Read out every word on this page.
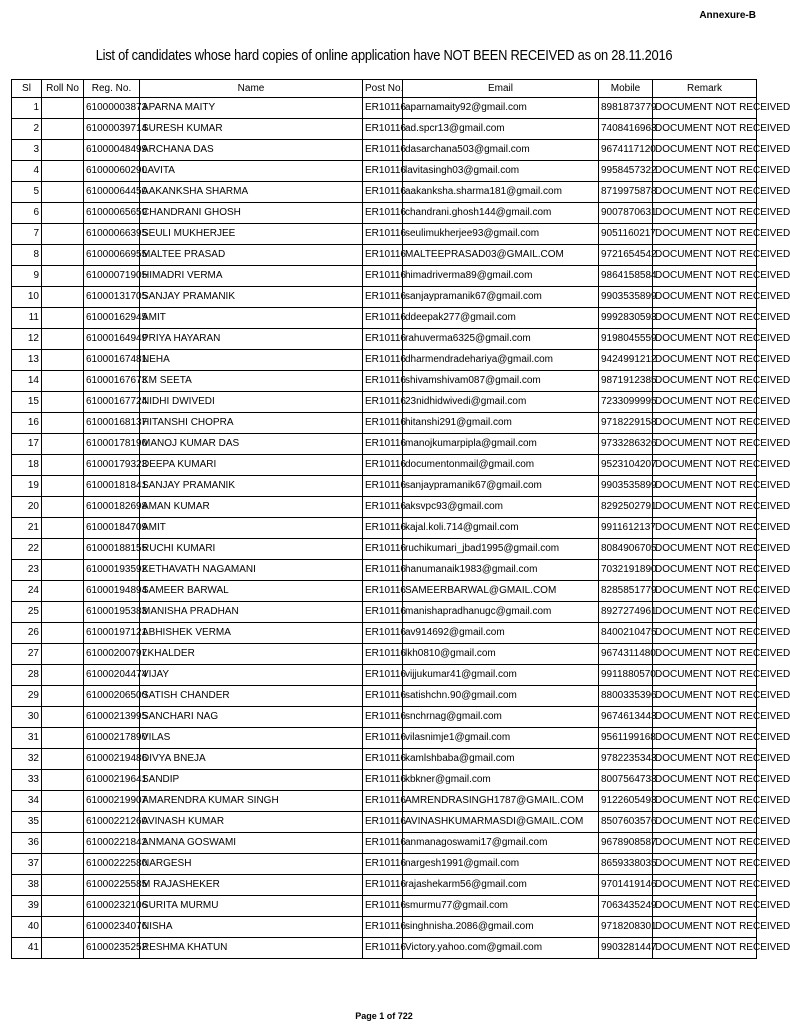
Annexure-B
List of candidates whose hard copies of online application have NOT BEEN RECEIVED as on 28.11.2016
Sl	Roll No	Reg. No.	Name	Post No.	Email	Mobile	Remark
1		61000003873	APARNA MAITY	ER10116	aparnamaity92@gmail.com	8981873779	DOCUMENT NOT RECEIVED
2		61000039714	SURESH KUMAR	ER10116	ad.spcr13@gmail.com	7408416963	DOCUMENT NOT RECEIVED
3		61000048499	ARCHANA DAS	ER10116	dasarchana503@gmail.com	9674117120	DOCUMENT NOT RECEIVED
4		61000060290	LAVITA	ER10116	lavitasingh03@gmail.com	9958457322	DOCUMENT NOT RECEIVED
5		61000064450	AAKANKSHA SHARMA	ER10116	aakanksha.sharma181@gmail.com	8719975878	DOCUMENT NOT RECEIVED
6		61000065659	CHANDRANI GHOSH	ER10116	chandrani.ghosh144@gmail.com	9007870631	DOCUMENT NOT RECEIVED
7		61000066395	SEULI MUKHERJEE	ER10116	seulimukherjee93@gmail.com	9051160217	DOCUMENT NOT RECEIVED
8		61000066955	MALTEE PRASAD	ER10116	MALTEEPRASAD03@GMAIL.COM	9721654542	DOCUMENT NOT RECEIVED
9		61000071905	HIMADRI VERMA	ER10116	himadriverma89@gmail.com	9864158584	DOCUMENT NOT RECEIVED
10		61000131705	SANJAY PRAMANIK	ER10116	sanjaypramanik67@gmail.com	9903535899	DOCUMENT NOT RECEIVED
11		61000162945	AMIT	ER10116	ddeepak277@gmail.com	9992830593	DOCUMENT NOT RECEIVED
12		61000164949	PRIYA HAYARAN	ER10116	rahuverma6325@gmail.com	9198045559	DOCUMENT NOT RECEIVED
13		61000167481	NEHA	ER10116	dharmendradehariya@gmail.com	9424991212	DOCUMENT NOT RECEIVED
14		61000167673	KM SEETA	ER10116	shivamshivam087@gmail.com	9871912385	DOCUMENT NOT RECEIVED
15		61000167724	NIDHI DWIVEDI	ER10116	23nidhidwivedi@gmail.com	7233099995	DOCUMENT NOT RECEIVED
16		61000168137	HITANSHI CHOPRA	ER10116	hitanshi291@gmail.com	9718229158	DOCUMENT NOT RECEIVED
17		61000178190	MANOJ KUMAR DAS	ER10116	manojkumarpipla@gmail.com	9733286326	DOCUMENT NOT RECEIVED
18		61000179323	DEEPA KUMARI	ER10116	documentonmail@gmail.com	9523104207	DOCUMENT NOT RECEIVED
19		61000181841	SANJAY PRAMANIK	ER10116	sanjaypramanik67@gmail.com	9903535899	DOCUMENT NOT RECEIVED
20		61000182698	AMAN KUMAR	ER10116	aksvpc93@gmail.com	8292502791	DOCUMENT NOT RECEIVED
21		61000184709	AMIT	ER10116	kajal.koli.714@gmail.com	9911612137	DOCUMENT NOT RECEIVED
22		61000188155	RUCHI KUMARI	ER10116	ruchikumari_jbad1995@gmail.com	8084906705	DOCUMENT NOT RECEIVED
23		61000193592	KETHAVATH NAGAMANI	ER10116	hanumanaik1983@gmail.com	7032191890	DOCUMENT NOT RECEIVED
24		61000194894	SAMEER BARWAL	ER10116	SAMEERBARWAL@GMAIL.COM	8285851779	DOCUMENT NOT RECEIVED
25		61000195383	MANISHA PRADHAN	ER10116	manishapradhanugc@gmail.com	8927274961	DOCUMENT NOT RECEIVED
26		61000197121	ABHISHEK VERMA	ER10116	av914692@gmail.com	8400210475	DOCUMENT NOT RECEIVED
27		61000200797	LKHALDER	ER10116	lkh0810@gmail.com	9674311480	DOCUMENT NOT RECEIVED
28		61000204474	VIJAY	ER10116	vijjukumar41@gmail.com	9911880570	DOCUMENT NOT RECEIVED
29		61000206500	SATISH CHANDER	ER10116	satishchn.90@gmail.com	8800335396	DOCUMENT NOT RECEIVED
30		61000213995	SANCHARI NAG	ER10116	snchrnag@gmail.com	9674613443	DOCUMENT NOT RECEIVED
31		61000217890	VILAS	ER10116	vilasnimje1@gmail.com	9561199168	DOCUMENT NOT RECEIVED
32		61000219486	DIVYA BNEJA	ER10116	kamlshbaba@gmail.com	9782235343	DOCUMENT NOT RECEIVED
33		61000219641	SANDIP	ER10116	kbkner@gmail.com	8007564733	DOCUMENT NOT RECEIVED
34		61000219907	AMARENDRA KUMAR SINGH	ER10116	AMRENDRASINGH1787@GMAIL.COM	9122605493	DOCUMENT NOT RECEIVED
35		61000221260	AVINASH KUMAR	ER10116	AVINASHKUMARMASDI@GMAIL.COM	8507603576	DOCUMENT NOT RECEIVED
36		61000221842	ANMANA GOSWAMI	ER10116	anmanagoswami17@gmail.com	9678908587	DOCUMENT NOT RECEIVED
37		61000222580	NARGESH	ER10116	nargesh1991@gmail.com	8659338035	DOCUMENT NOT RECEIVED
38		61000225585	M RAJASHEKER	ER10116	rajashekarm56@gmail.com	9701419146	DOCUMENT NOT RECEIVED
39		61000232106	SURITA MURMU	ER10116	smurmu77@gmail.com	7063435249	DOCUMENT NOT RECEIVED
40		61000234076	NISHA	ER10116	singhnisha.2086@gmail.com	9718208301	DOCUMENT NOT RECEIVED
41		61000235252	RESHMA KHATUN	ER10116	Victory.yahoo.com@gmail.com	9903281447	DOCUMENT NOT RECEIVED
Page 1 of 722
